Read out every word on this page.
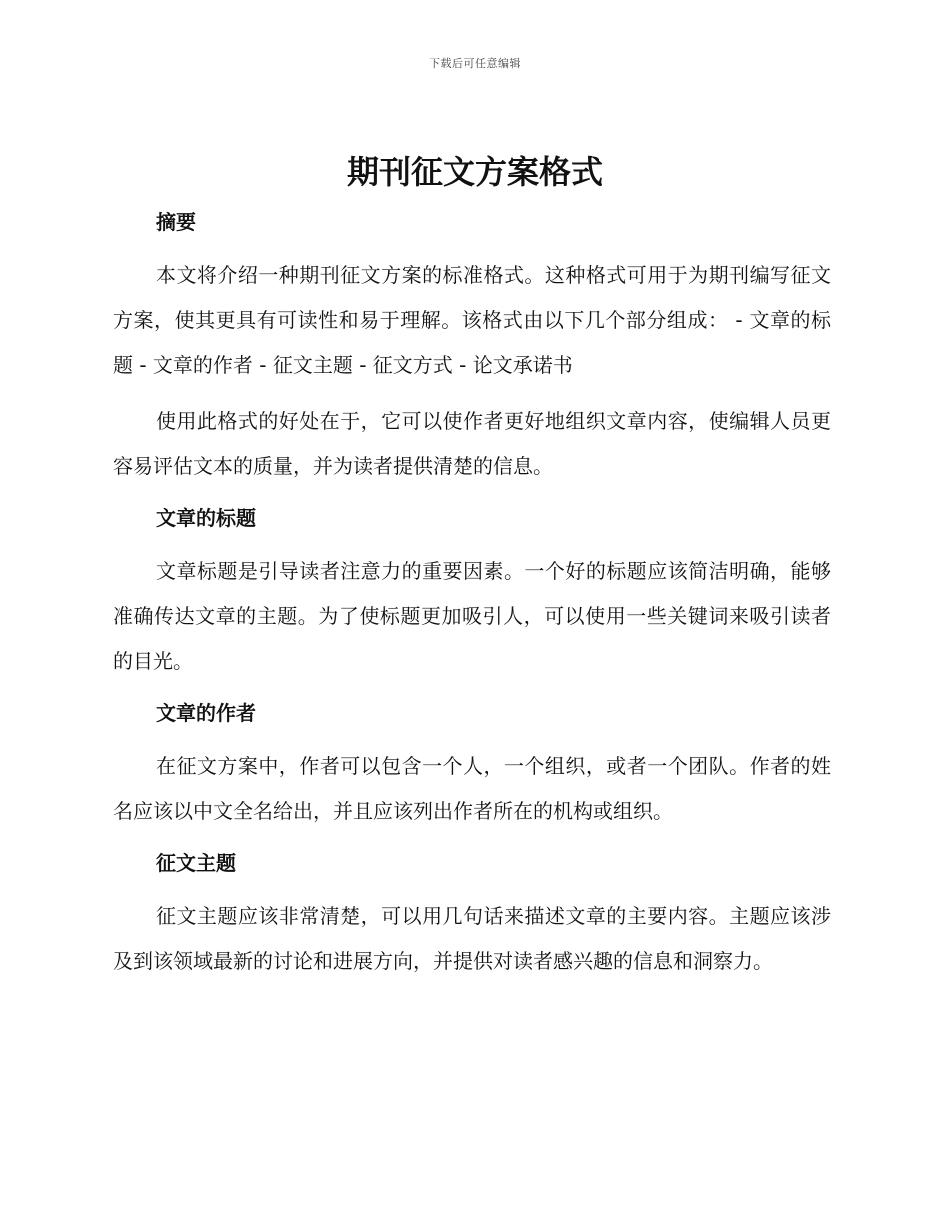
下载后可任意编辑
期刊征文方案格式

摘要

本文将介绍一种期刊征文方案的标准格式。这种格式可用于为期刊编写征文方案，使其更具有可读性和易于理解。该格式由以下几个部分组成： - 文章的标题 - 文章的作者 - 征文主题 - 征文方式 - 论文承诺书

使用此格式的好处在于，它可以使作者更好地组织文章内容，使编辑人员更容易评估文本的质量，并为读者提供清楚的信息。

文章的标题

文章标题是引导读者注意力的重要因素。一个好的标题应该简洁明确，能够准确传达文章的主题。为了使标题更加吸引人，可以使用一些关键词来吸引读者的目光。

文章的作者

在征文方案中，作者可以包含一个人，一个组织，或者一个团队。作者的姓名应该以中文全名给出，并且应该列出作者所在的机构或组织。

征文主题

征文主题应该非常清楚，可以用几句话来描述文章的主要内容。主题应该涉及到该领域最新的讨论和进展方向，并提供对读者感兴趣的信息和洞察力。
